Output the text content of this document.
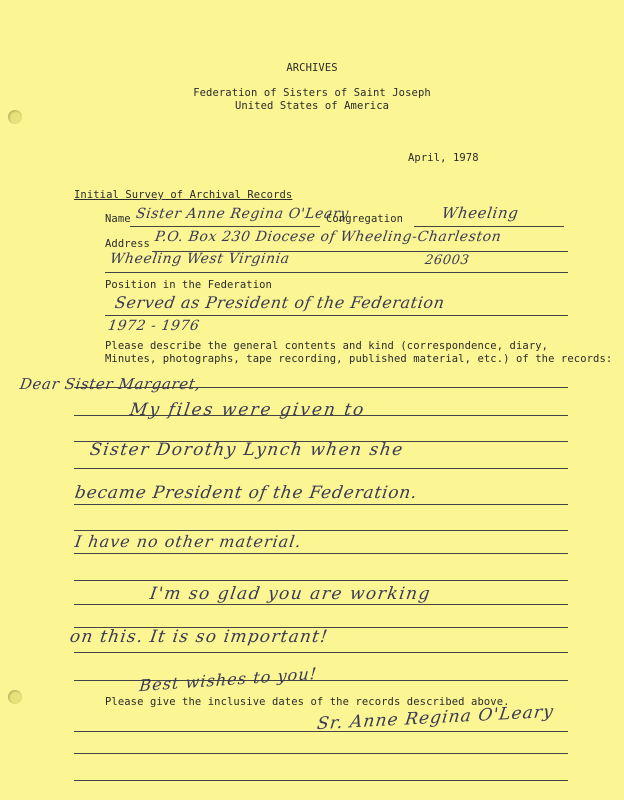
ARCHIVES
Federation of Sisters of Saint Joseph
United States of America
April, 1978
Initial Survey of Archival Records
Name Sister Anne Regina O'Leary
Congregation	Wheeling
Address P.O. Box 230 Diocese of Wheeling-Charleston
Wheeling West Virginia	26003
Position in the Federation
Served as President of the Federation
1972 - 1976
Please describe the general contents and kind (correspondence, diary,
Minutes, photographs, tape recording, published material, etc.) of the records:
Dear Sister Margaret,
My files were given to
Sister Dorothy Lynch when she
became President of the Federation.
I have no other material.
I'm so glad you are working
on this. It is so important!
Best wishes to you!
Please give the inclusive dates of the records described above.
Sr. Anne Regina O'Leary
